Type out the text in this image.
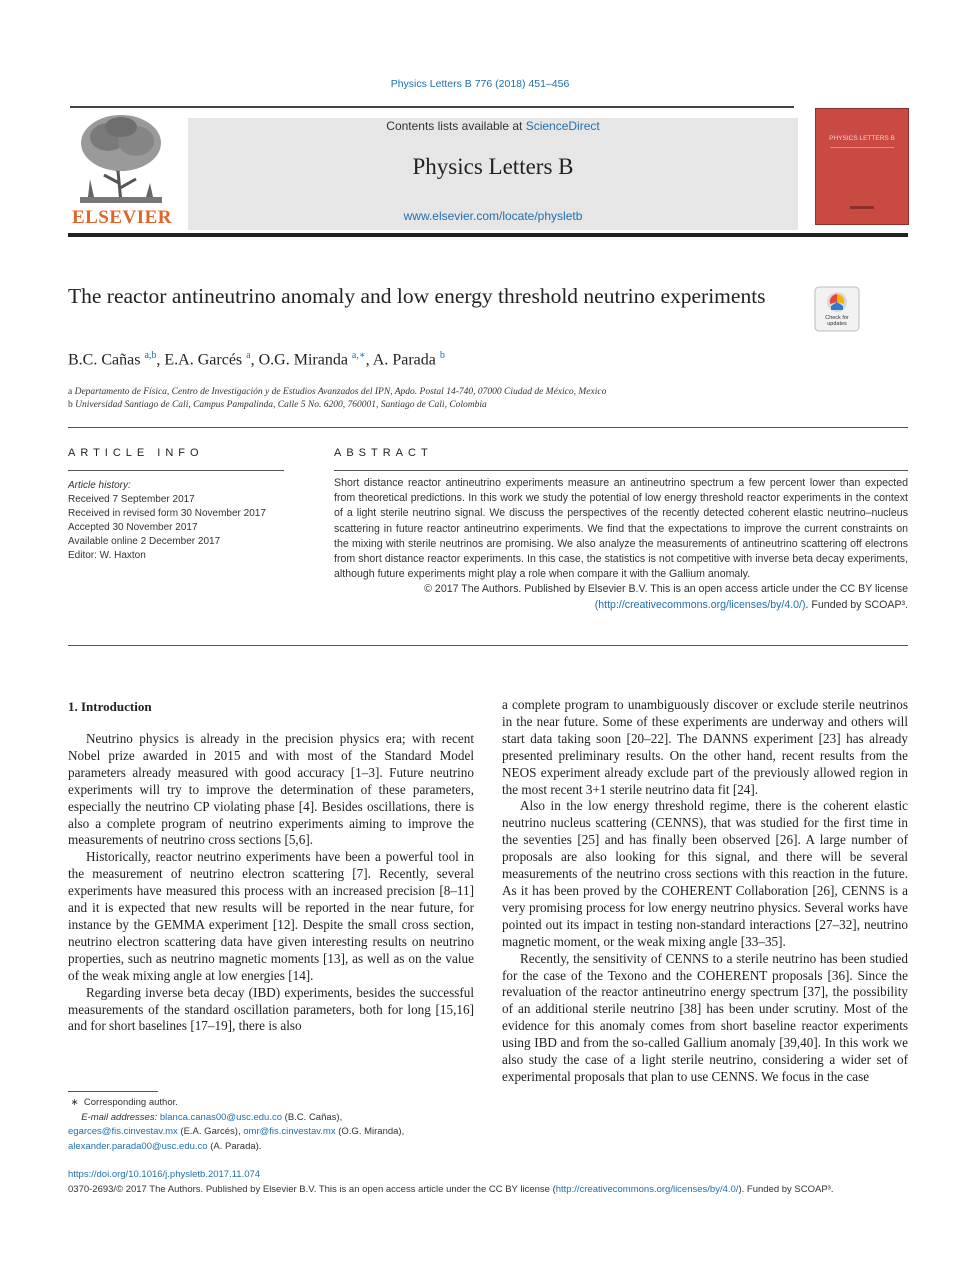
Physics Letters B 776 (2018) 451–456
ELSEVIER
Contents lists available at ScienceDirect
Physics Letters B
www.elsevier.com/locate/physletb
PHYSICS LETTERS B
The reactor antineutrino anomaly and low energy threshold neutrino experiments
Check for
updates
B.C. Cañas $^{a,b}$, E.A. Garcés $^a$, O.G. Miranda $^{a,∗}$, A. Parada $^b$
a Departamento de Física, Centro de Investigación y de Estudios Avanzados del IPN, Apdo. Postal 14-740, 07000 Ciudad de México, Mexico
b Universidad Santiago de Cali, Campus Pampalinda, Calle 5 No. 6200, 760001, Santiago de Cali, Colombia
ARTICLE INFO
Article history:
Received 7 September 2017
Received in revised form 30 November 2017
Accepted 30 November 2017
Available online 2 December 2017
Editor: W. Haxton
ABSTRACT

Short distance reactor antineutrino experiments measure an antineutrino spectrum a few percent lower than expected from theoretical predictions. In this work we study the potential of low energy threshold reactor experiments in the context of a light sterile neutrino signal. We discuss the perspectives of the recently detected coherent elastic neutrino–nucleus scattering in future reactor antineutrino experiments. We find that the expectations to improve the current constraints on the mixing with sterile neutrinos are promising. We also analyze the measurements of antineutrino scattering off electrons from short distance reactor experiments. In this case, the statistics is not competitive with inverse beta decay experiments, although future experiments might play a role when compare it with the Gallium anomaly.

© 2017 The Authors. Published by Elsevier B.V. This is an open access article under the CC BY license
(http://creativecommons.org/licenses/by/4.0/). Funded by SCOAP³.

1. Introduction

Neutrino physics is already in the precision physics era; with recent Nobel prize awarded in 2015 and with most of the Standard Model parameters already measured with good accuracy [1–3]. Future neutrino experiments will try to improve the determination of these parameters, especially the neutrino CP violating phase [4]. Besides oscillations, there is also a complete program of neutrino experiments aiming to improve the measurements of neutrino cross sections [5,6].

Historically, reactor neutrino experiments have been a powerful tool in the measurement of neutrino electron scattering [7]. Recently, several experiments have measured this process with an increased precision [8–11] and it is expected that new results will be reported in the near future, for instance by the GEMMA experiment [12]. Despite the small cross section, neutrino electron scattering data have given interesting results on neutrino properties, such as neutrino magnetic moments [13], as well as on the value of the weak mixing angle at low energies [14].

Regarding inverse beta decay (IBD) experiments, besides the successful measurements of the standard oscillation parameters, both for long [15,16] and for short baselines [17–19], there is also

a complete program to unambiguously discover or exclude sterile neutrinos in the near future. Some of these experiments are underway and others will start data taking soon [20–22]. The DANNS experiment [23] has already presented preliminary results. On the other hand, recent results from the NEOS experiment already exclude part of the previously allowed region in the most recent 3+1 sterile neutrino data fit [24].

Also in the low energy threshold regime, there is the coherent elastic neutrino nucleus scattering (CENNS), that was studied for the first time in the seventies [25] and has finally been observed [26]. A large number of proposals are also looking for this signal, and there will be several measurements of the neutrino cross sections with this reaction in the future. As it has been proved by the COHERENT Collaboration [26], CENNS is a very promising process for low energy neutrino physics. Several works have pointed out its impact in testing non-standard interactions [27–32], neutrino magnetic moment, or the weak mixing angle [33–35].

Recently, the sensitivity of CENNS to a sterile neutrino has been studied for the case of the Texono and the COHERENT proposals [36]. Since the revaluation of the reactor antineutrino energy spectrum [37], the possibility of an additional sterile neutrino [38] has been under scrutiny. Most of the evidence for this anomaly comes from short baseline reactor experiments using IBD and from the so-called Gallium anomaly [39,40]. In this work we also study the case of a light sterile neutrino, considering a wider set of experimental proposals that plan to use CENNS. We focus in the case

∗ Corresponding author.
E-mail addresses: blanca.canas00@usc.edu.co (B.C. Cañas),
egarces@fis.cinvestav.mx (E.A. Garcés), omr@fis.cinvestav.mx (O.G. Miranda),
alexander.parada00@usc.edu.co (A. Parada).
https://doi.org/10.1016/j.physletb.2017.11.074
0370-2693/© 2017 The Authors. Published by Elsevier B.V. This is an open access article under the CC BY license (http://creativecommons.org/licenses/by/4.0/). Funded by SCOAP³.
